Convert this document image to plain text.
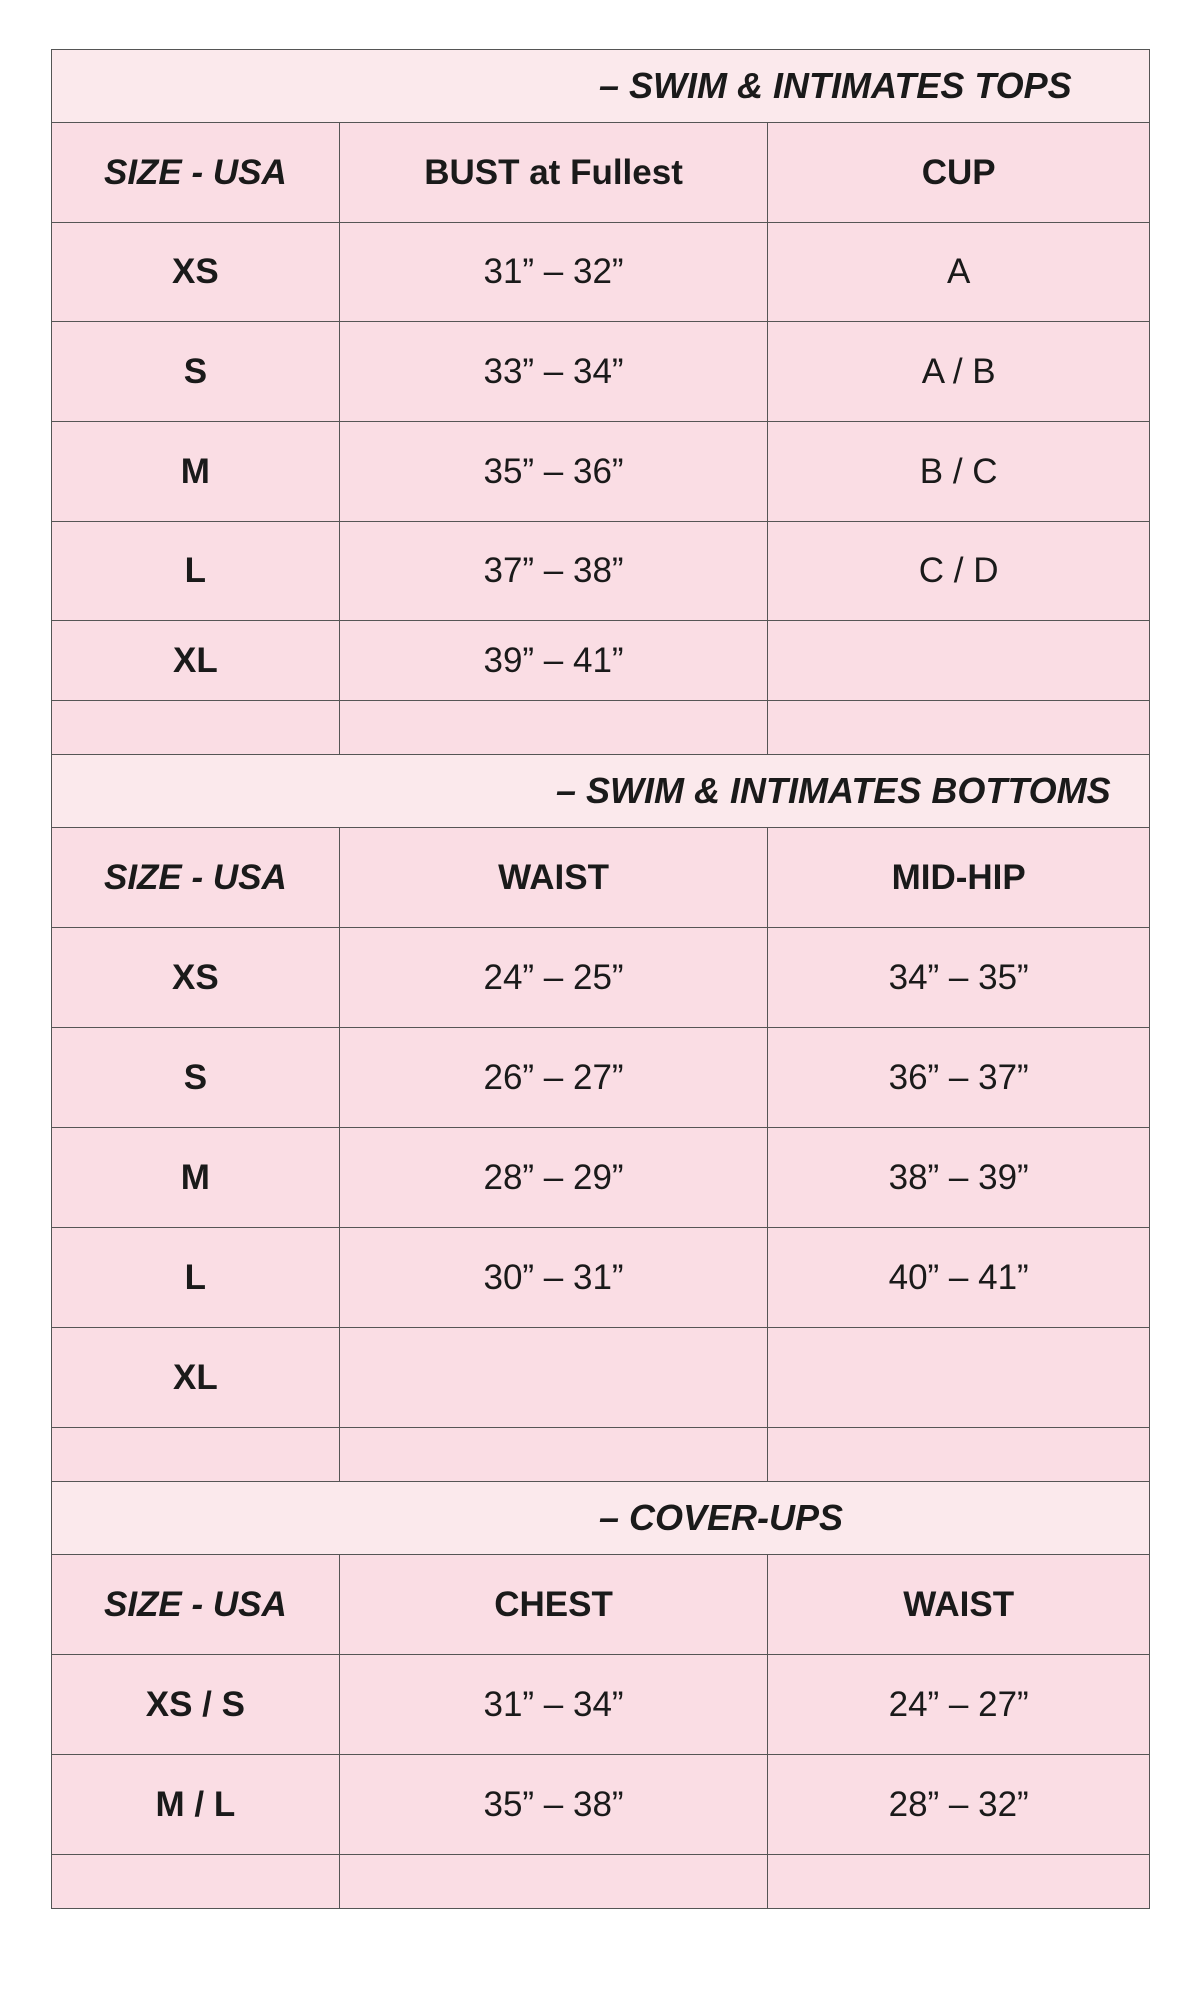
– SWIM & INTIMATES TOPS
SIZE - USA	BUST at Fullest	CUP
XS	31” – 32”	A
S	33” – 34”	A / B
M	35” – 36”	B / C
L	37” – 38”	C / D
XL	39” – 41”
– SWIM & INTIMATES BOTTOMS
SIZE - USA	WAIST	MID-HIP
XS	24” – 25”	34” – 35”
S	26” – 27”	36” – 37”
M	28” – 29”	38” – 39”
L	30” – 31”	40” – 41”
XL
– COVER-UPS
SIZE - USA	CHEST	WAIST
XS / S	31” – 34”	24” – 27”
M / L	35” – 38”	28” – 32”
